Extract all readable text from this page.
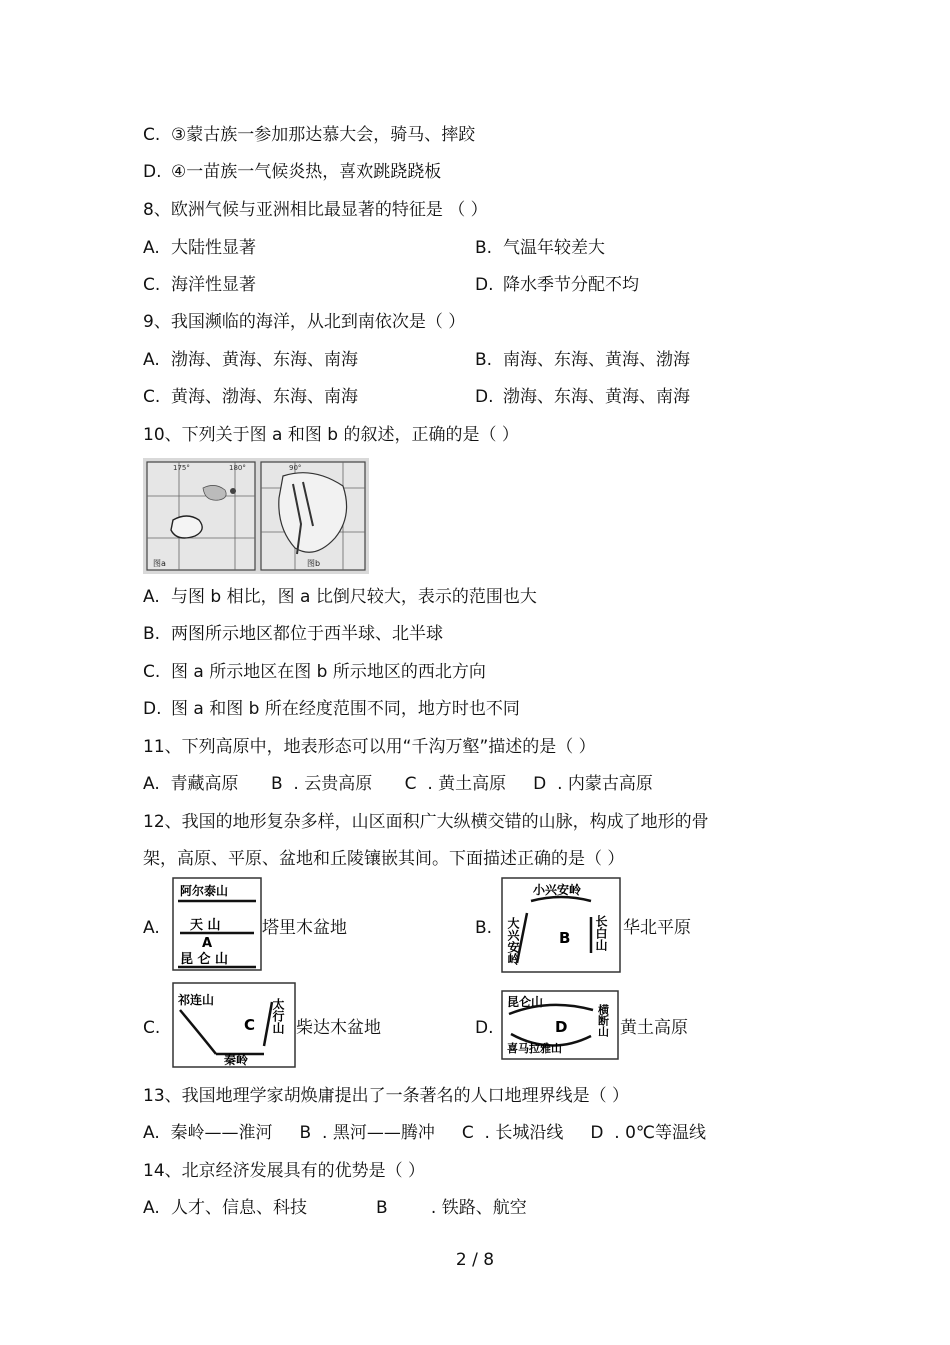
C. ③蒙古族一参加那达慕大会，骑马、摔跤
D. ④一苗族一气候炎热，喜欢跳跷跷板
8、欧洲气候与亚洲相比最显著的特征是 （ ）
A. 大陆性显著	B. 气温年较差大
C. 海洋性显著	D. 降水季节分配不均
9、我国濒临的海洋，从北到南依次是（ ）
A. 渤海、黄海、东海、南海	B. 南海、东海、黄海、渤海
C. 黄海、渤海、东海、南海	D. 渤海、东海、黄海、南海
10、下列关于图 a 和图 b 的叙述，正确的是（ ）
175°	180°	90°
图a	图b
A. 与图 b 相比，图 a 比倒尺较大，表示的范围也大
B. 两图所示地区都位于西半球、北半球
C. 图 a 所示地区在图 b 所示地区的西北方向
D. 图 a 和图 b 所在经度范围不同，地方时也不同
11、下列高原中，地表形态可以用“千沟万壑”描述的是（ ）
A.  青藏高原      B  . 云贵高原      C  . 黄土高原     D  . 内蒙古高原
12、我国的地形复杂多样，山区面积广大纵横交错的山脉，构成了地形的骨
架，高原、平原、盆地和丘陵镶嵌其间。下面描述正确的是（ ）
A.
阿尔泰山
天 山
A
昆 仑 山
塔里木盆地	B.
小兴安岭
大兴安岭	B 长白山 华北平原
C.
祁连山
C 太行山
秦岭
柴达木盆地	D.
昆仑山
D
喜马拉雅山
横断山 黄土高原
13、我国地理学家胡焕庸提出了一条著名的人口地理界线是（ ）
A.  秦岭——淮河     B  . 黑河——腾冲     C  . 长城沿线     D  . 0℃等温线
14、北京经济发展具有的优势是（ ）
A. 人才、信息、科技	B        . 铁路、航空
2 / 8
